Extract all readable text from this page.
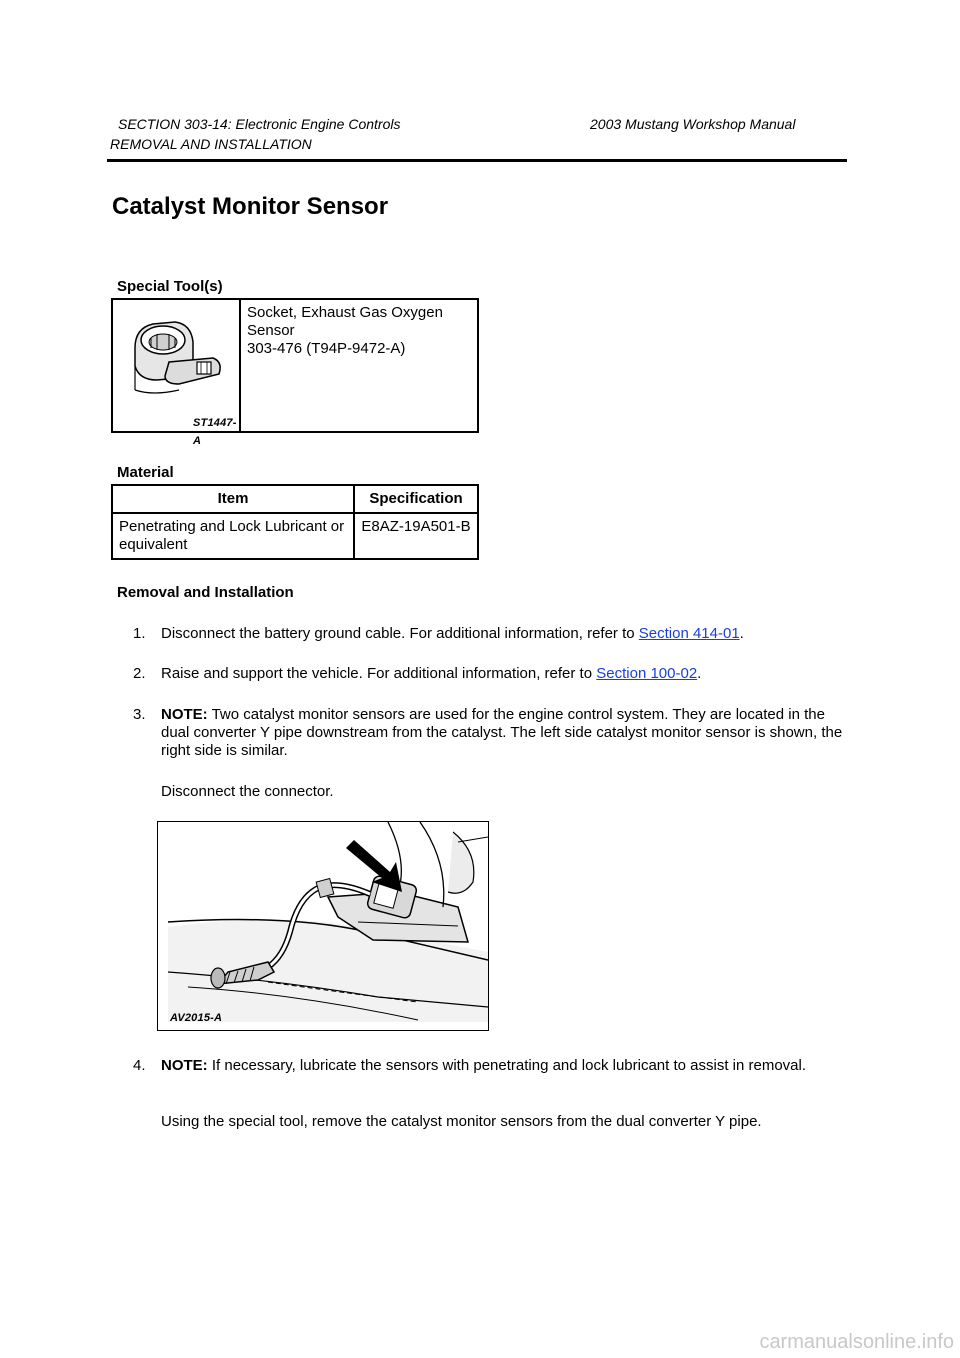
SECTION 303-14: Electronic Engine Controls	2003 Mustang Workshop Manual
REMOVAL AND INSTALLATION
Catalyst Monitor Sensor
Special Tool(s)
ST1447-A

Socket, Exhaust Gas Oxygen Sensor
303-476 (T94P-9472-A)
Material
Item	Specification
Penetrating and Lock Lubricant or equivalent	E8AZ-19A501-B
Removal and Installation
1. Disconnect the battery ground cable. For additional information, refer to Section 414-01.
2. Raise and support the vehicle. For additional information, refer to Section 100-02.
3. NOTE: Two catalyst monitor sensors are used for the engine control system. They are located in the dual converter Y pipe downstream from the catalyst. The left side catalyst monitor sensor is shown, the right side is similar.
Disconnect the connector.
AV2015-A
4. NOTE: If necessary, lubricate the sensors with penetrating and lock lubricant to assist in removal.
Using the special tool, remove the catalyst monitor sensors from the dual converter Y pipe.
carmanualsonline.info
